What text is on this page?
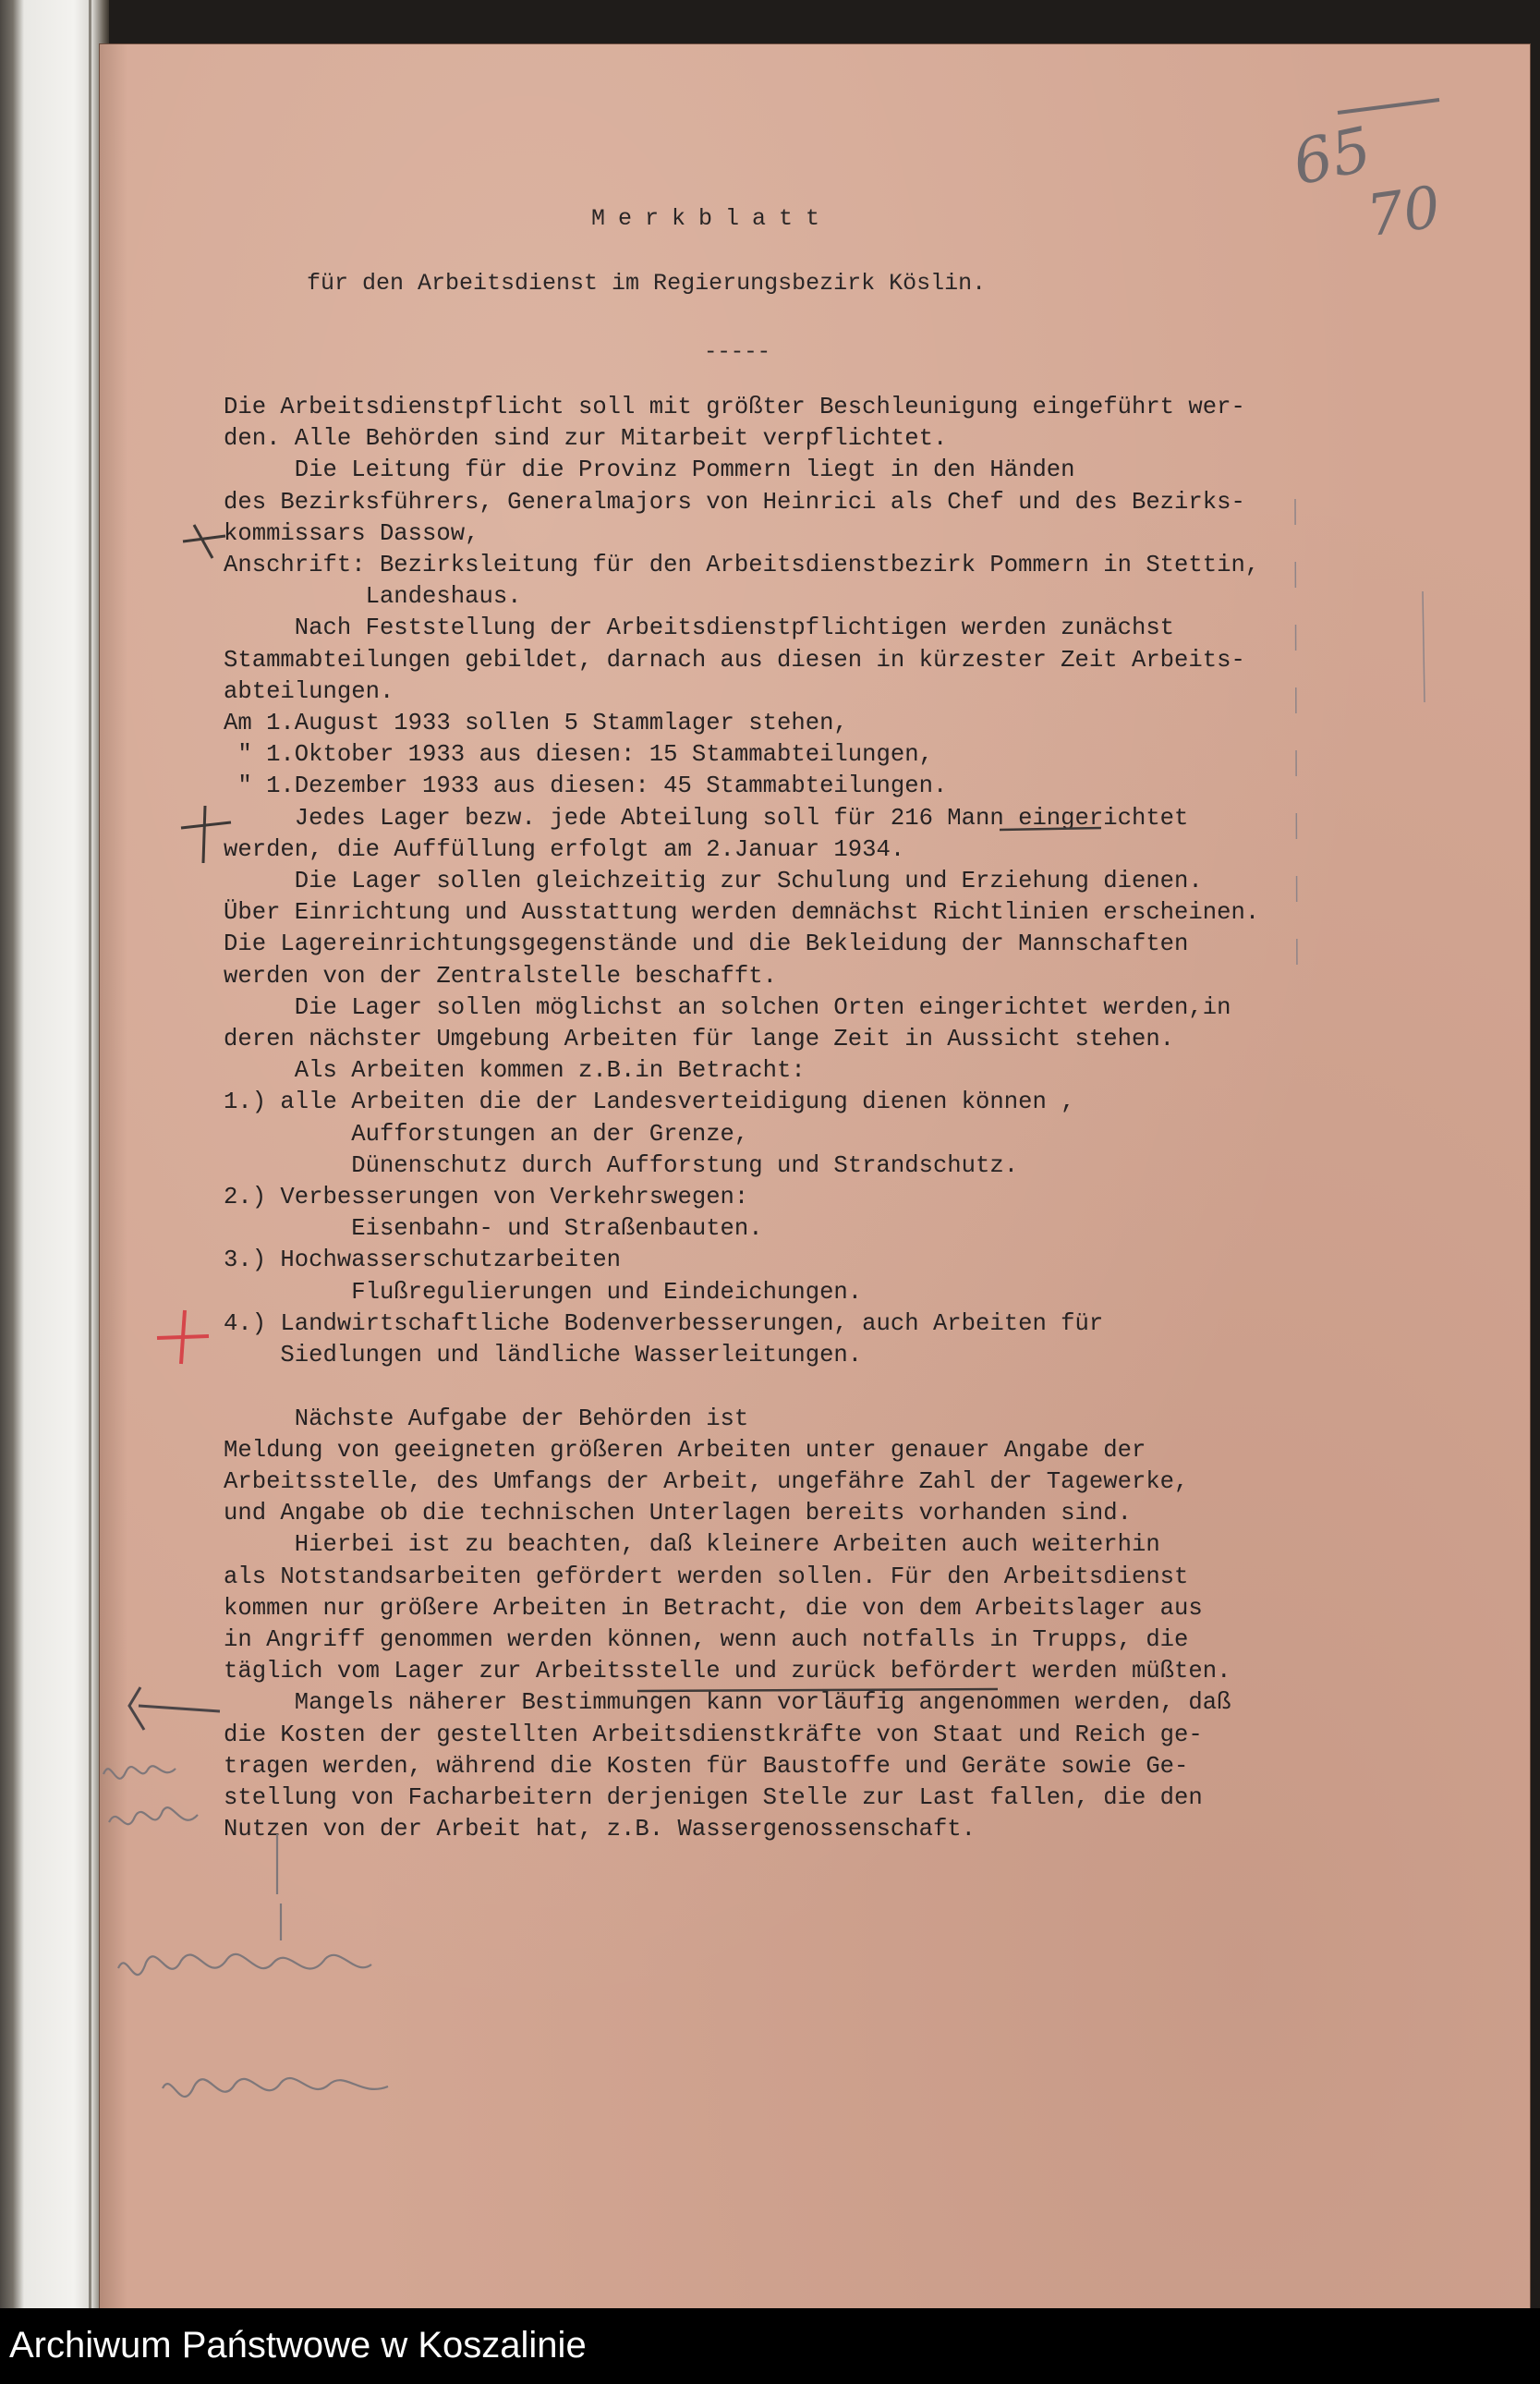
Merkblatt
für den Arbeitsdienst im Regierungsbezirk Köslin.
-----
Die Arbeitsdienstpflicht soll mit größter Beschleunigung eingeführt wer-
den. Alle Behörden sind zur Mitarbeit verpflichtet.
Die Leitung für die Provinz Pommern liegt in den Händen
des Bezirksführers, Generalmajors von Heinrici als Chef und des Bezirks-
kommissars Dassow,
Anschrift: Bezirksleitung für den Arbeitsdienstbezirk Pommern in Stettin,
Landeshaus.
Nach Feststellung der Arbeitsdienstpflichtigen werden zunächst
Stammabteilungen gebildet, darnach aus diesen in kürzester Zeit Arbeits-
abteilungen.
Am 1.August 1933 sollen 5 Stammlager stehen,
" 1.Oktober 1933 aus diesen: 15 Stammabteilungen,
" 1.Dezember 1933 aus diesen: 45 Stammabteilungen.
Jedes Lager bezw. jede Abteilung soll für 216 Mann eingerichtet
werden, die Auffüllung erfolgt am 2.Januar 1934.
Die Lager sollen gleichzeitig zur Schulung und Erziehung dienen.
Über Einrichtung und Ausstattung werden demnächst Richtlinien erscheinen.
Die Lagereinrichtungsgegenstände und die Bekleidung der Mannschaften
werden von der Zentralstelle beschafft.
Die Lager sollen möglichst an solchen Orten eingerichtet werden,in
deren nächster Umgebung Arbeiten für lange Zeit in Aussicht stehen.
Als Arbeiten kommen z.B.in Betracht:
1.) alle Arbeiten die der Landesverteidigung dienen können ,
Aufforstungen an der Grenze,
Dünenschutz durch Aufforstung und Strandschutz.
2.) Verbesserungen von Verkehrswegen:
Eisenbahn- und Straßenbauten.
3.) Hochwasserschutzarbeiten
Flußregulierungen und Eindeichungen.
4.) Landwirtschaftliche Bodenverbesserungen, auch Arbeiten für
Siedlungen und ländliche Wasserleitungen.

Nächste Aufgabe der Behörden ist
Meldung von geeigneten größeren Arbeiten unter genauer Angabe der
Arbeitsstelle, des Umfangs der Arbeit, ungefähre Zahl der Tagewerke,
und Angabe ob die technischen Unterlagen bereits vorhanden sind.
Hierbei ist zu beachten, daß kleinere Arbeiten auch weiterhin
als Notstandsarbeiten gefördert werden sollen. Für den Arbeitsdienst
kommen nur größere Arbeiten in Betracht, die von dem Arbeitslager aus
in Angriff genommen werden können, wenn auch notfalls in Trupps, die
täglich vom Lager zur Arbeitsstelle und zurück befördert werden müßten.
Mangels näherer Bestimmungen kann vorläufig angenommen werden, daß
die Kosten der gestellten Arbeitsdienstkräfte von Staat und Reich ge-
tragen werden, während die Kosten für Baustoffe und Geräte sowie Ge-
stellung von Facharbeitern derjenigen Stelle zur Last fallen, die den
Nutzen von der Arbeit hat, z.B. Wassergenossenschaft.

65
70
Archiwum Państwowe w Koszalinie
